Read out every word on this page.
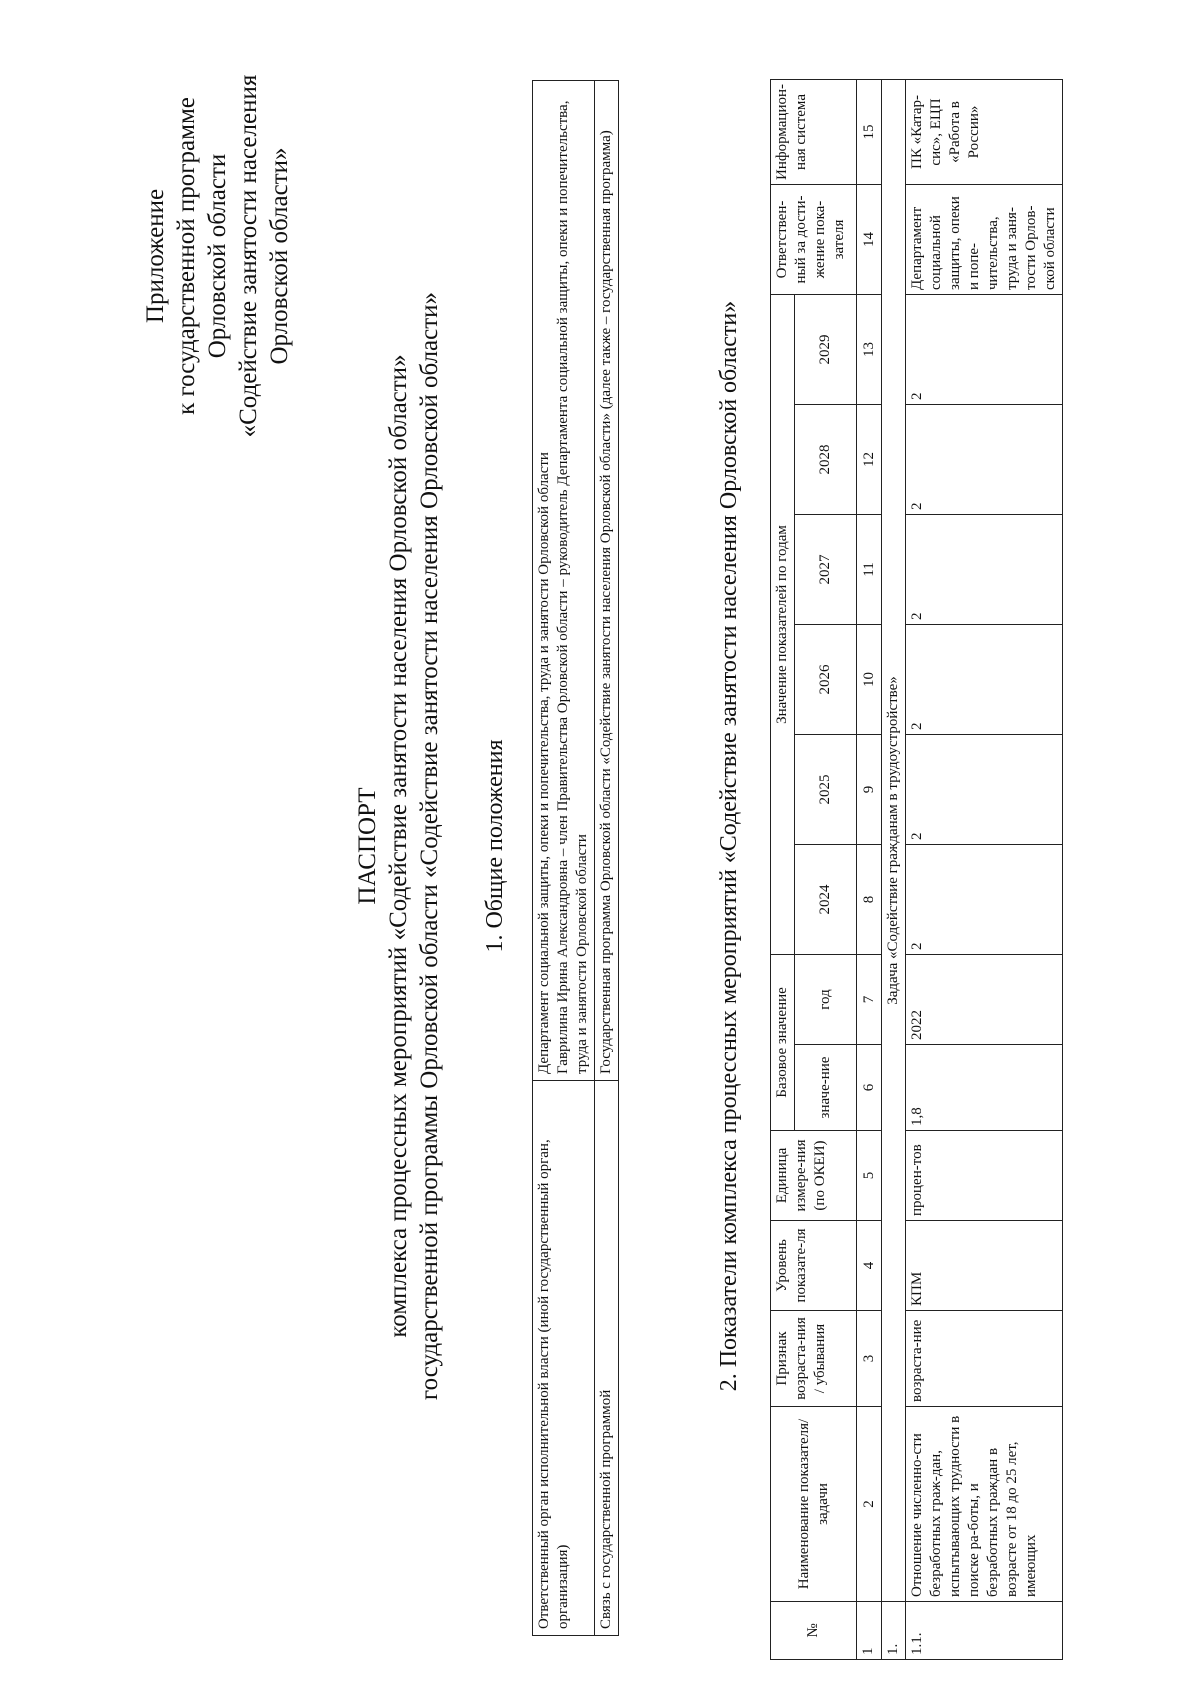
Приложение к государственной программе Орловской области «Содействие занятости населения Орловской области»
ПАСПОРТ комплекса процессных мероприятий «Содействие занятости населения Орловской области» государственной программы Орловской области «Содействие занятости населения Орловской области» 1. Общие положения
Ответственный орган исполнительной власти (иной государственный орган, организация)	Департамент социальной защиты, опеки и попечительства, труда и занятости Орловской области Гаврилина Ирина Александровна – член Правительства Орловской области – руководитель Департамента социальной защиты, опеки и попечительства, труда и занятости Орловской области

Связь с государственной программой	Государственная программа Орловской области «Содействие занятости населения Орловской области» (далее также – государственная программа)	2. Показатели комплекса процессных мероприятий «Содействие занятости населения Орловской области»
№	Наименование показателя/задачи	Признак возраста-ния / убывания	Уровень показате-ля	Единица измере-ния (по ОКЕИ)	Базовое значение		Значение показателей по годам						Ответствен-ный за дости-жение пока-зателя	Информацион-ная система
					значе-ние	год	2024	2025	2026	2027	2028	2029		
1	2	3	4	5	6	7	8	9	10	11	12	13	14	15
1.	Задача «Содействие гражданам в трудоустройстве»													
1.1.	Отношение численно-сти безработных граж-дан, испытывающих трудности в поиске ра-боты, и безработных граждан в возрасте от 18 до 25 лет, имеющих	возраста-ние	КПМ	процен-тов	1,8	2022	2	2	2	2	2	2	Департамент социальной защиты, опеки и попе-чительства, труда и заня-тости Орлов-ской области	ПК «Катар-сис», ЕЦП «Работа в России»
